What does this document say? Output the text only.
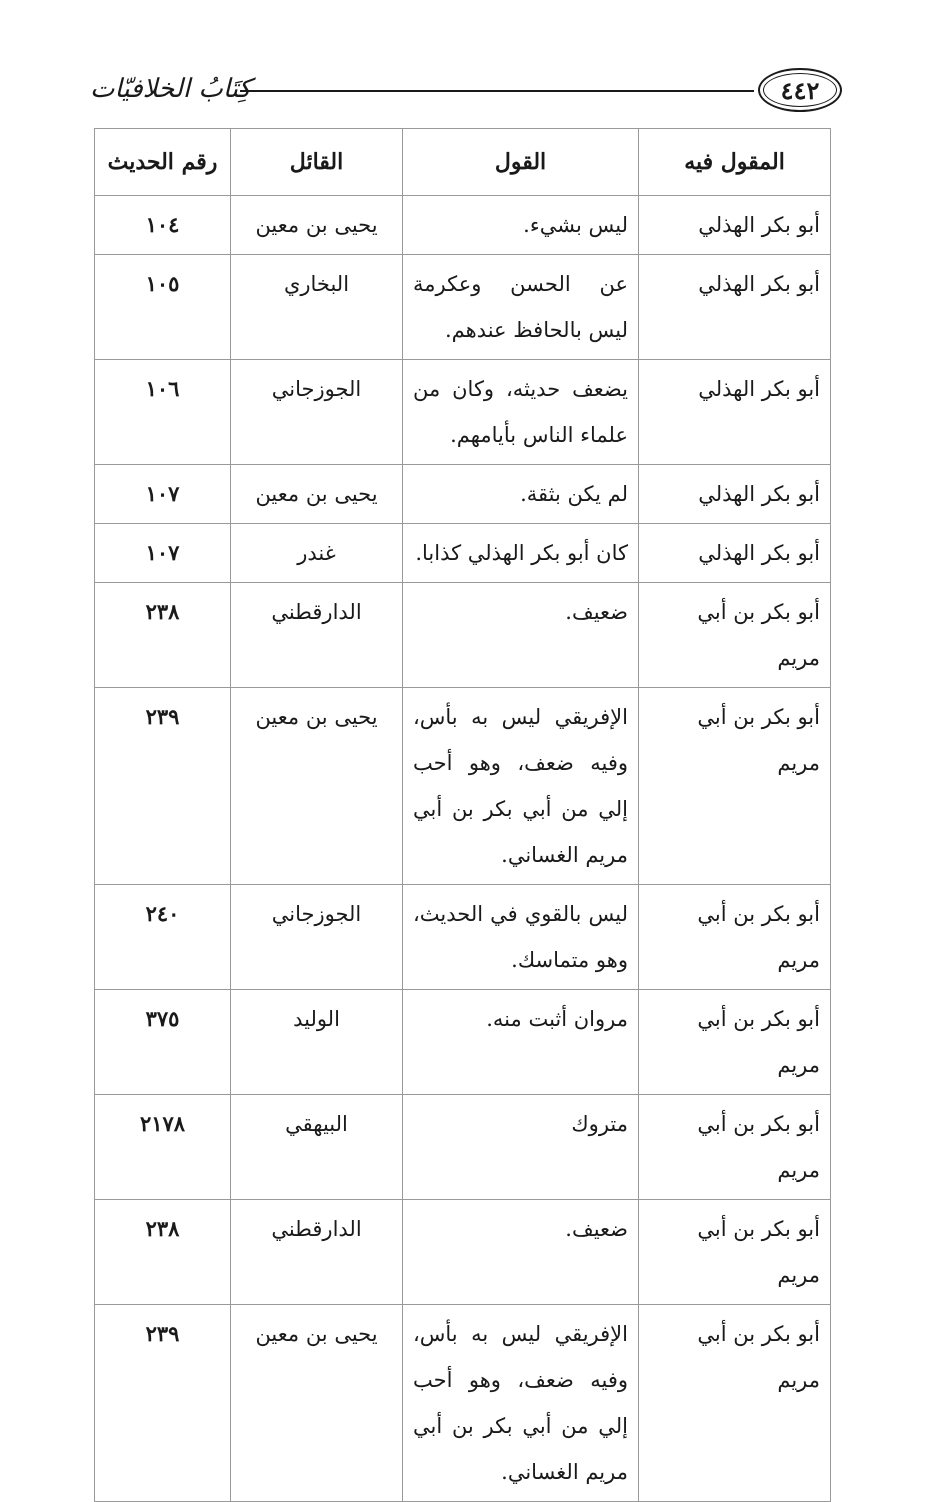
٤٤٢
كِتَابُ الخلافيّات
المقول فيه	القول	القائل	رقم الحديث
أبو بكر الهذلي	ليس بشيء.	يحيى بن معين	١٠٤
أبو بكر الهذلي	عن الحسن وعكرمة ليس بالحافظ عندهم.	البخاري	١٠٥
أبو بكر الهذلي	يضعف حديثه، وكان من علماء الناس بأيامهم.	الجوزجاني	١٠٦
أبو بكر الهذلي	لم يكن بثقة.	يحيى بن معين	١٠٧
أبو بكر الهذلي	كان أبو بكر الهذلي كذابا.	غندر	١٠٧
أبو بكر بن أبي مريم	ضعيف.	الدارقطني	٢٣٨
أبو بكر بن أبي مريم	الإفريقي ليس به بأس، وفيه ضعف، وهو أحب إلي من أبي بكر بن أبي مريم الغساني.	يحيى بن معين	٢٣٩
أبو بكر بن أبي مريم	ليس بالقوي في الحديث، وهو متماسك.	الجوزجاني	٢٤٠
أبو بكر بن أبي مريم	مروان أثبت منه.	الوليد	٣٧٥
أبو بكر بن أبي مريم	متروك	البيهقي	٢١٧٨
أبو بكر بن أبي مريم	ضعيف.	الدارقطني	٢٣٨
أبو بكر بن أبي مريم	الإفريقي ليس به بأس، وفيه ضعف، وهو أحب إلي من أبي بكر بن أبي مريم الغساني.	يحيى بن معين	٢٣٩
